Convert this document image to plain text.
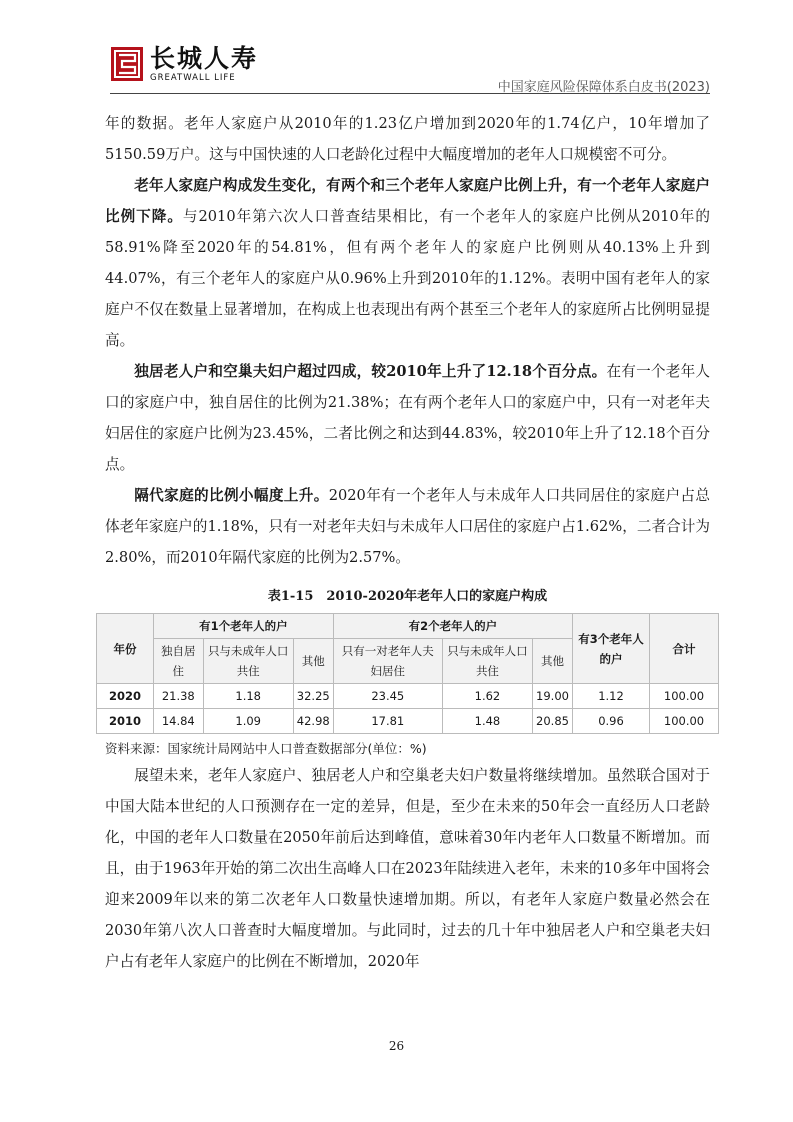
长城人寿
GREATWALL LIFE
中国家庭风险保障体系白皮书(2023)

年的数据。老年人家庭户从2010年的1.23亿户增加到2020年的1.74亿户，10年增加了5150.59万户。这与中国快速的人口老龄化过程中大幅度增加的老年人口规模密不可分。

老年人家庭户构成发生变化，有两个和三个老年人家庭户比例上升，有一个老年人家庭户比例下降。与2010年第六次人口普查结果相比，有一个老年人的家庭户比例从2010年的58.91%降至2020年的54.81%，但有两个老年人的家庭户比例则从40.13%上升到44.07%，有三个老年人的家庭户从0.96%上升到2010年的1.12%。表明中国有老年人的家庭户不仅在数量上显著增加，在构成上也表现出有两个甚至三个老年人的家庭所占比例明显提高。

独居老人户和空巢夫妇户超过四成，较2010年上升了12.18个百分点。在有一个老年人口的家庭户中，独自居住的比例为21.38%；在有两个老年人口的家庭户中，只有一对老年夫妇居住的家庭户比例为23.45%，二者比例之和达到44.83%，较2010年上升了12.18个百分点。

隔代家庭的比例小幅度上升。2020年有一个老年人与未成年人口共同居住的家庭户占总体老年家庭户的1.18%，只有一对老年夫妇与未成年人口居住的家庭户占1.62%，二者合计为2.80%，而2010年隔代家庭的比例为2.57%。

表1-15　2010-2020年老年人口的家庭户构成
年份	有1个老年人的户			有2个老年人的户			有3个老年人的户	合计
	独自居住	只与未成年人口共住	其他	只有一对老年人夫妇居住	只与未成年人口共住	其他		
2020	21.38	1.18	32.25	23.45	1.62	19.00	1.12	100.00
2010	14.84	1.09	42.98	17.81	1.48	20.85	0.96	100.00
资料来源：国家统计局网站中人口普查数据部分(单位：%)

展望未来，老年人家庭户、独居老人户和空巢老夫妇户数量将继续增加。虽然联合国对于中国大陆本世纪的人口预测存在一定的差异，但是，至少在未来的50年会一直经历人口老龄化，中国的老年人口数量在2050年前后达到峰值，意味着30年内老年人口数量不断增加。而且，由于1963年开始的第二次出生高峰人口在2023年陆续进入老年，未来的10多年中国将会迎来2009年以来的第二次老年人口数量快速增加期。所以，有老年人家庭户数量必然会在2030年第八次人口普查时大幅度增加。与此同时，过去的几十年中独居老人户和空巢老夫妇户占有老年人家庭户的比例在不断增加，2020年

26
